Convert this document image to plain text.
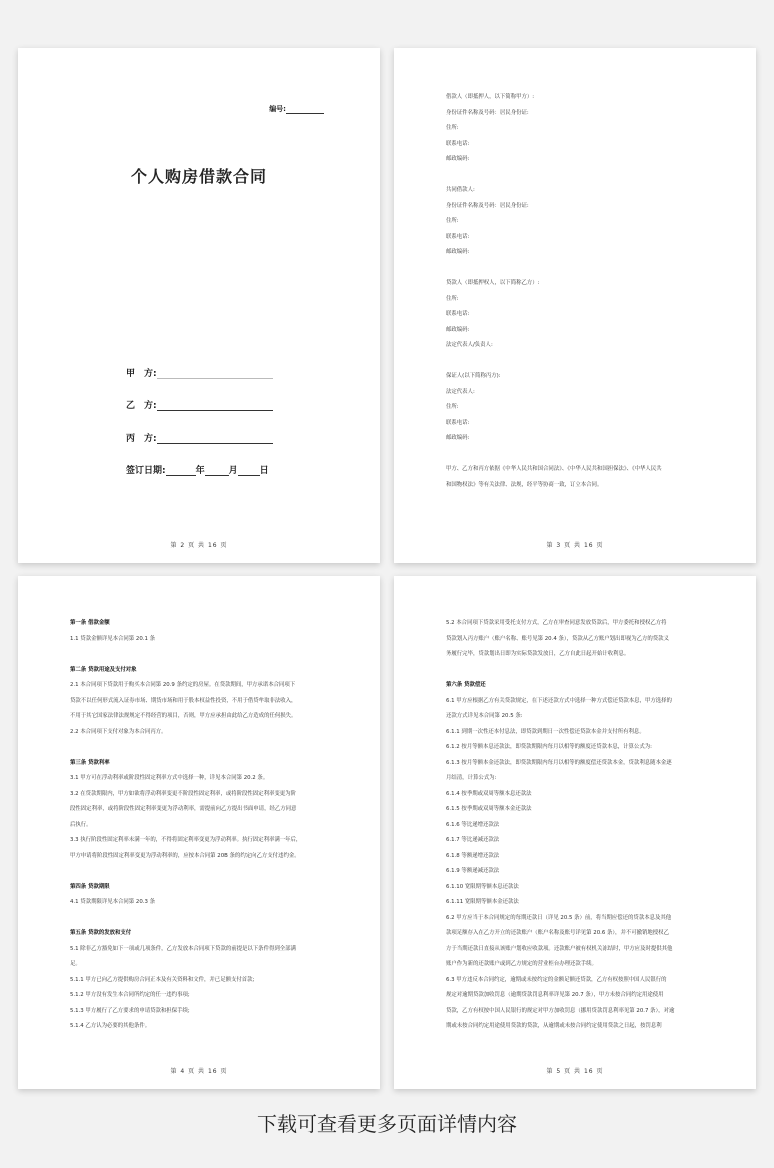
编号:
个人购房借款合同
甲　方:
乙　方:
丙　方:
签订日期:	年	月 日
第 2 页 共 16 页
借款人（即抵押人，以下简称甲方）:
身份证件名称及号码：居民身份证:
住所:
联系电话:
邮政编码:
共同借款人:
身份证件名称及号码：居民身份证:
住所:
联系电话:
邮政编码:
贷款人（即抵押权人，以下简称乙方）:
住所:
联系电话:
邮政编码:
法定代表人/负责人:
保证人(以下简称丙方):
法定代表人:
住所:
联系电话:
邮政编码:
甲方、乙方和丙方依据《中华人民共和国合同法》、《中华人民共和国担保法》、《中华人民共
和国物权法》等有关法律、法规，经平等协商一致，订立本合同。
第 3 页 共 16 页
第一条 借款金额
1.1 贷款金额详见本合同第 20.1 条
第二条 贷款用途及支付对象
2.1 本合同项下贷款用于购买本合同第 20.9 条约定的房屋。在贷款期间，甲方承诺本合同项下
贷款不以任何形式流入证券市场、期货市场和用于股本权益性投资，不用于借贷牟取非法收入，
不用于其它国家法律法规规定不得经营的项目，否则，甲方应承担由此给乙方造成的任何损失。
2.2 本合同项下支付对象为本合同丙方。
第三条 贷款利率
3.1 甲方可在浮动利率或阶段性固定利率方式中选择一种，详见本合同第 20.2 条。
3.2 在贷款期限内，甲方如欲将浮动利率变更不阶段性固定利率，或将阶段性固定利率变更为阶
段性固定利率，或将阶段性固定利率变更为浮动利率，需提前向乙方提出书面申请，经乙方同意
后执行。
3.3 执行阶段性固定利率未满一年的，不得将固定利率变更为浮动利率。执行固定利率满一年后，
甲方申请将阶段性固定利率变更为浮动利率的，应按本合同第 20B 条的约定向乙方支付违约金。
第四条 贷款期限
4.1 贷款期限详见本合同第 20.3 条
第五条 贷款的发放和支付
5.1 除非乙方豁免如下一项或几项条件，乙方发放本合同项下贷款的前提是以下条件得到全部满
足。
5.1.1 甲方已向乙方提供购房合同正本及有关资料和文件，并已足额支付首款;
5.1.2 甲方没有发生本合同所约定的任一违约事项;
5.1.3 甲方履行了乙方要求的申请贷款和担保手续;
5.1.4 乙方认为必要的其他条件。
第 4 页 共 16 页
5.2 本合同项下贷款采用受托支付方式，乙方在审查同意发放贷款后，甲方委托和授权乙方将
贷款划入丙方账户（账户名称、账号见第 20.4 条），贷款从乙方账户划出即视为乙方的贷款义
务履行完毕，贷款划出日即为实际贷款发放日，乙方自此日起开始计收利息。
第六条 贷款偿还
6.1 甲方应根据乙方有关贷款规定，在下述还款方式中选择一种方式偿还贷款本息，甲方选择的
还款方式详见本合同第 20.5 条:
6.1.1 到期一次性还本付息法，即贷款到期日一次性偿还贷款本金并支付所有利息。
6.1.2 按月等额本息还款法，即贷款期限内每月以相等的额度还贷款本息，计算公式为:
6.1.3 按月等额本金还款法，即贷款期限内每月以相等的额度偿还贷款本金，贷款利息随本金逐
月结清，计算公式为:
6.1.4 按季期或双周等额本息还款法
6.1.5 按季期或双周等额本金还款法
6.1.6 等比递增还款法
6.1.7 等比递减还款法
6.1.8 等额递增还款法
6.1.9 等额递减还款法
6.1.10 宽限期等额本息还款法
6.1.11 宽限期等额本金还款法
6.2 甲方应当于本合同规定的每期还款日（详见 20.5 条）前，将当期应偿还的贷款本息及其他
款项足额存入在乙方开立的还款账户（账户名称及账号详见第 20.6 条），并不可撤销地授权乙
方于当期还款日直接从该账户划收应收款项。还款账户被有权机关冻结时，甲方应及时提供其他
账户作为新的还款账户或到乙方规定的营业柜台办理还款手续。
6.3 甲方违反本合同约定，逾期或未按约定的金额足额还贷款，乙方有权按照中国人民银行的
规定对逾期贷款加收罚息（逾期贷款罚息利率详见第 20.7 条），甲方未按合同约定用途使用
贷款，乙方有权按中国人民银行的规定对甲方加收罚息（挪用贷款罚息利率见第 20.7 条），对逾
期或未按合同约定用途使用贷款的贷款，从逾期或未按合同约定使用贷款之日起，按罚息利
第 5 页 共 16 页
下载可查看更多页面详情内容
